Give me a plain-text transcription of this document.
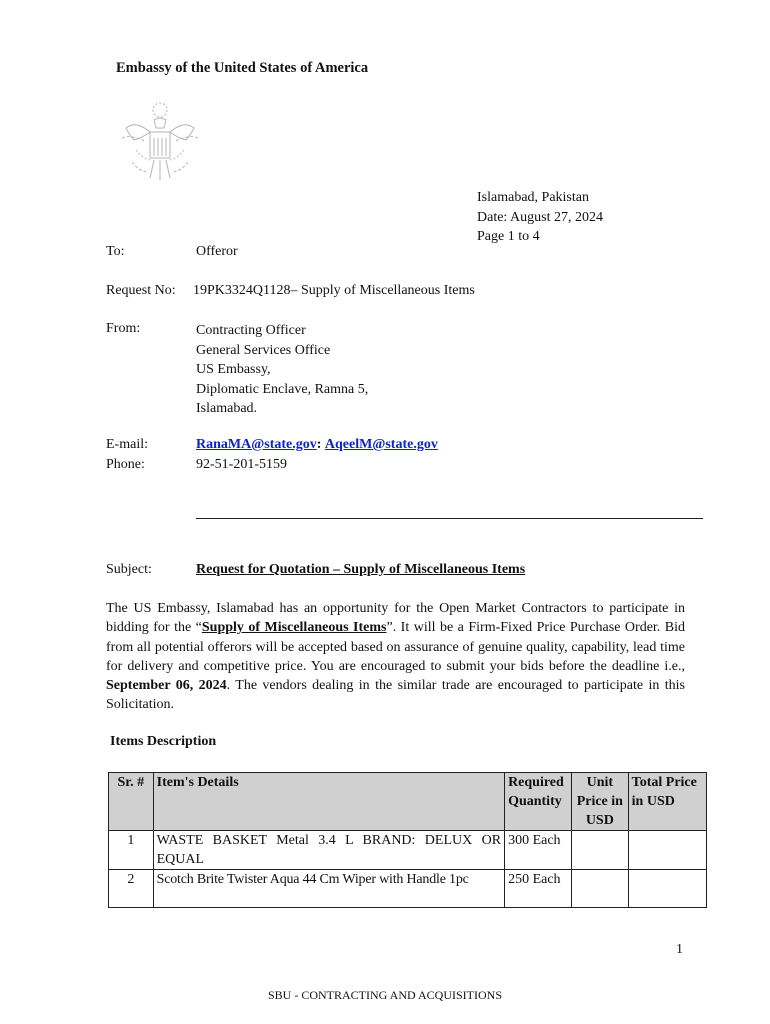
Embassy of the United States of America
Islamabad, Pakistan
Date: August 27, 2024
Page 1 to 4
To:	Offeror
Request No: 19PK3324Q1128– Supply of Miscellaneous Items
From:	Contracting Officer
General Services Office
US Embassy,
Diplomatic Enclave, Ramna 5,
Islamabad.
E-mail:	RanaMA@state.gov: AqeelM@state.gov
Phone:	92-51-201-5159
Subject:	Request for Quotation – Supply of Miscellaneous Items
The US Embassy, Islamabad has an opportunity for the Open Market Contractors to participate in bidding for the “Supply of Miscellaneous Items”. It will be a Firm-Fixed Price Purchase Order. Bid from all potential offerors will be accepted based on assurance of genuine quality, capability, lead time for delivery and competitive price. You are encouraged to submit your bids before the deadline i.e., September 06, 2024. The vendors dealing in the similar trade are encouraged to participate in this Solicitation.
Items Description
Sr. #	Item's Details	Required Quantity	Unit Price in USD	Total Price in USD
1	WASTE BASKET Metal 3.4 L BRAND: DELUX OR EQUAL	300 Each		
2	Scotch Brite Twister Aqua 44 Cm Wiper with Handle 1pc	250 Each		
1
SBU - CONTRACTING AND ACQUISITIONS
